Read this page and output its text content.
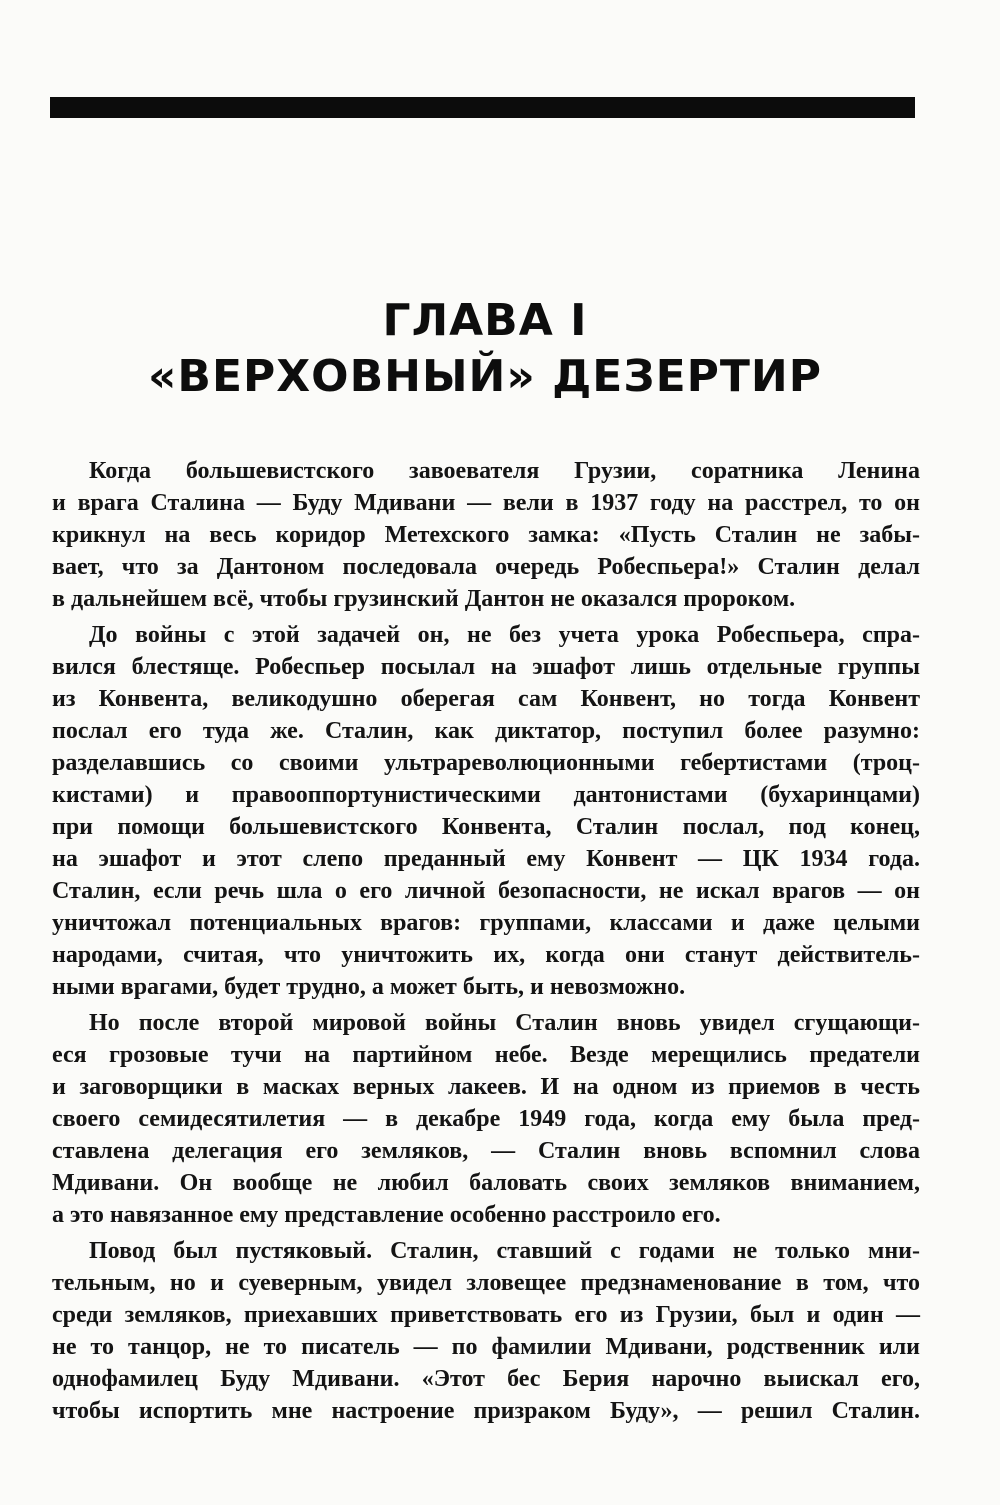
ГЛАВА I
«ВЕРХОВНЫЙ» ДЕЗЕРТИР
Когда большевистского завоевателя Грузии, соратника Ленина
и врага Сталина — Буду Мдивани — вели в 1937 году на расстрел, то он
крикнул на весь коридор Метехского замка: «Пусть Сталин не забы-
вает, что за Дантоном последовала очередь Робеспьера!» Сталин делал
в дальнейшем всё, чтобы грузинский Дантон не оказался пророком.
До войны с этой задачей он, не без учета урока Робеспьера, спра-
вился блестяще. Робеспьер посылал на эшафот лишь отдельные группы
из Конвента, великодушно оберегая сам Конвент, но тогда Конвент
послал его туда же. Сталин, как диктатор, поступил более разумно:
разделавшись со своими ультрареволюционными гебертистами (троц-
кистами) и правооппортунистическими дантонистами (бухаринцами)
при помощи большевистского Конвента, Сталин послал, под конец,
на эшафот и этот слепо преданный ему Конвент — ЦК 1934 года.
Сталин, если речь шла о его личной безопасности, не искал врагов — он
уничтожал потенциальных врагов: группами, классами и даже целыми
народами, считая, что уничтожить их, когда они станут действитель-
ными врагами, будет трудно, а может быть, и невозможно.
Но после второй мировой войны Сталин вновь увидел сгущающи-
еся грозовые тучи на партийном небе. Везде мерещились предатели
и заговорщики в масках верных лакеев. И на одном из приемов в честь
своего семидесятилетия — в декабре 1949 года, когда ему была пред-
ставлена делегация его земляков, — Сталин вновь вспомнил слова
Мдивани. Он вообще не любил баловать своих земляков вниманием,
а это навязанное ему представление особенно расстроило его.
Повод был пустяковый. Сталин, ставший с годами не только мни-
тельным, но и суеверным, увидел зловещее предзнаменование в том, что
среди земляков, приехавших приветствовать его из Грузии, был и один —
не то танцор, не то писатель — по фамилии Мдивани, родственник или
однофамилец Буду Мдивани. «Этот бес Берия нарочно выискал его,
чтобы испортить мне настроение призраком Буду», — решил Сталин.
